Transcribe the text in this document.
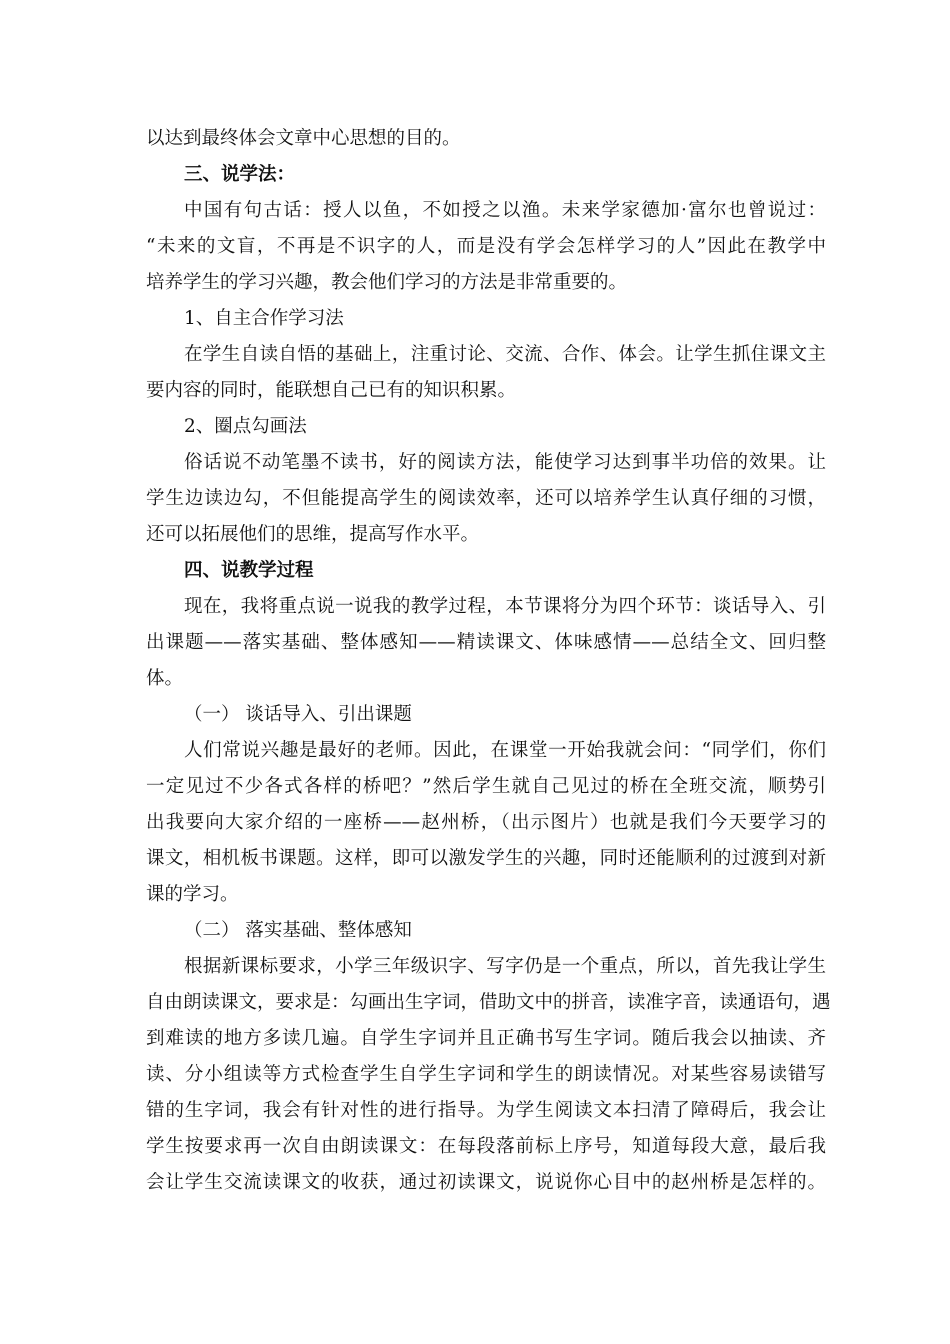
以达到最终体会文章中心思想的目的。
三、说学法：
中国有句古话：授人以鱼，不如授之以渔。未来学家德加·富尔也曾说过：
“未来的文盲，不再是不识字的人，而是没有学会怎样学习的人”因此在教学中
培养学生的学习兴趣，教会他们学习的方法是非常重要的。
1、自主合作学习法
在学生自读自悟的基础上，注重讨论、交流、合作、体会。让学生抓住课文主
要内容的同时，能联想自己已有的知识积累。
2、圈点勾画法
俗话说不动笔墨不读书，好的阅读方法，能使学习达到事半功倍的效果。让
学生边读边勾，不但能提高学生的阅读效率，还可以培养学生认真仔细的习惯，
还可以拓展他们的思维，提高写作水平。
四、说教学过程
现在，我将重点说一说我的教学过程，本节课将分为四个环节：谈话导入、引
出课题——落实基础、整体感知——精读课文、体味感情——总结全文、回归整
体。
（一） 谈话导入、引出课题
人们常说兴趣是最好的老师。因此，在课堂一开始我就会问：“同学们，你们
一定见过不少各式各样的桥吧？”然后学生就自己见过的桥在全班交流，顺势引
出我要向大家介绍的一座桥——赵州桥，（出示图片）也就是我们今天要学习的
课文，相机板书课题。这样，即可以激发学生的兴趣，同时还能顺利的过渡到对新
课的学习。
（二） 落实基础、整体感知
根据新课标要求，小学三年级识字、写字仍是一个重点，所以，首先我让学生
自由朗读课文，要求是：勾画出生字词，借助文中的拼音，读准字音，读通语句，遇
到难读的地方多读几遍。自学生字词并且正确书写生字词。随后我会以抽读、齐
读、分小组读等方式检查学生自学生字词和学生的朗读情况。对某些容易读错写
错的生字词，我会有针对性的进行指导。为学生阅读文本扫清了障碍后，我会让
学生按要求再一次自由朗读课文：在每段落前标上序号，知道每段大意，最后我
会让学生交流读课文的收获，通过初读课文，说说你心目中的赵州桥是怎样的。
